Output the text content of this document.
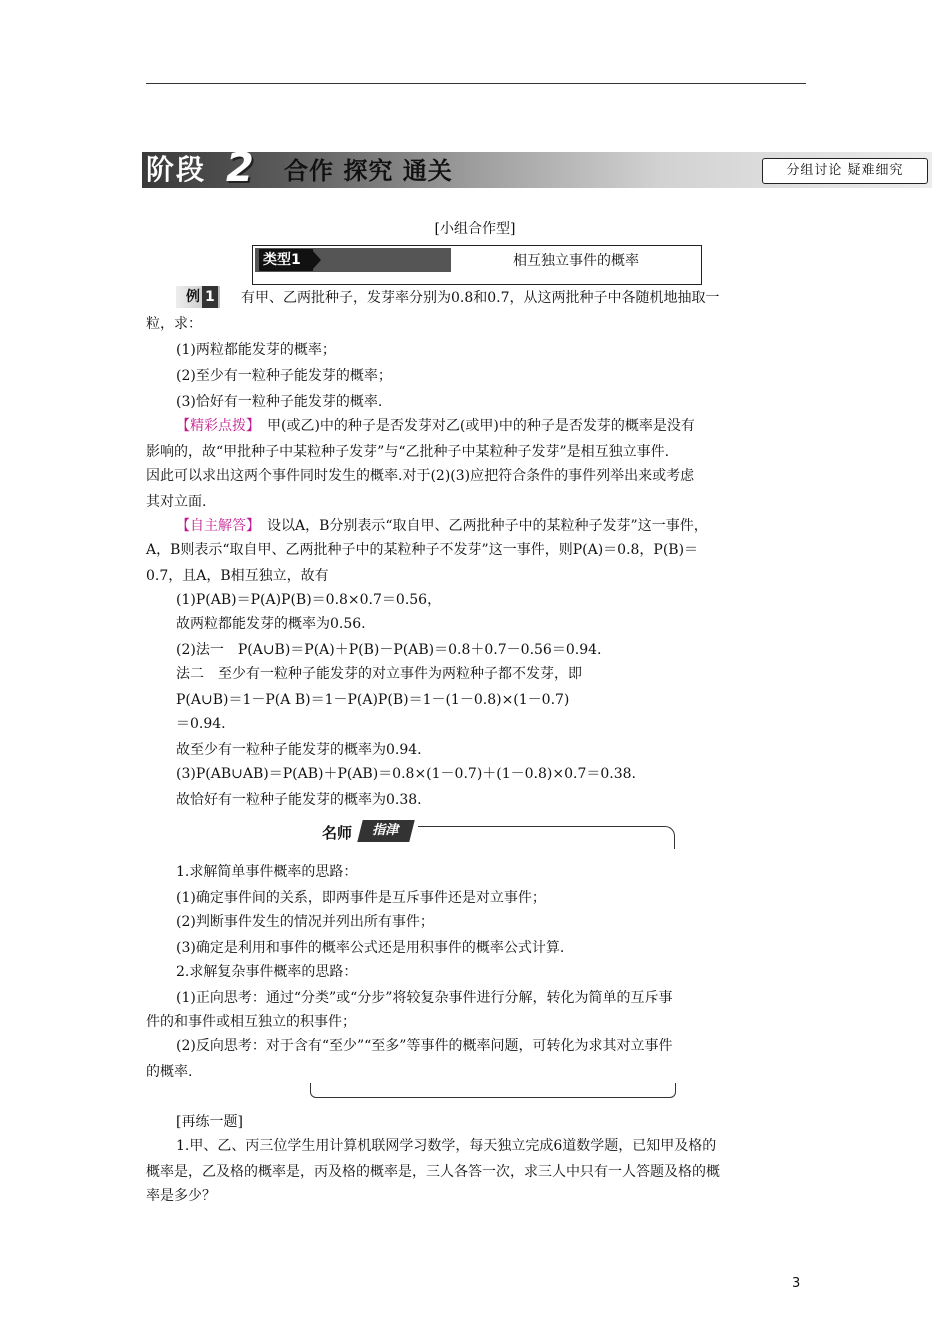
阶段 2	合作 探究 通关	分组讨论 疑难细究
[小组合作型]
类型1	相互独立事件的概率
例 1	有甲、乙两批种子，发芽率分别为0.8和0.7，从这两批种子中各随机地抽取一
粒，求：
(1)两粒都能发芽的概率；
(2)至少有一粒种子能发芽的概率；
(3)恰好有一粒种子能发芽的概率.
【精彩点拨】　 甲(或乙)中的种子是否发芽对乙(或甲)中的种子是否发芽的概率是没有
影响的，故“甲批种子中某粒种子发芽”与“乙批种子中某粒种子发芽”是相互独立事件.
因此可以求出这两个事件同时发生的概率.对于(2)(3)应把符合条件的事件列举出来或考虑
其对立面.
【自主解答】　 设以A，B分别表示“取自甲、乙两批种子中的某粒种子发芽”这一事件，
A，B则表示“取自甲、乙两批种子中的某粒种子不发芽”这一事件，则P(A)＝0.8，P(B)＝
0.7，且A，B相互独立，故有
(1)P(AB)＝P(A)P(B)＝0.8×0.7＝0.56，
故两粒都能发芽的概率为0.56.
(2)法一　P(A∪B)＝P(A)＋P(B)－P(AB)＝0.8＋0.7－0.56＝0.94.
法二　至少有一粒种子能发芽的对立事件为两粒种子都不发芽，即
P(A∪B)＝1－P(A B)＝1－P(A)P(B)＝1－(1－0.8)×(1－0.7)
＝0.94.
故至少有一粒种子能发芽的概率为0.94.
(3)P(AB∪AB)＝P(AB)＋P(AB)＝0.8×(1－0.7)＋(1－0.8)×0.7＝0.38.
故恰好有一粒种子能发芽的概率为0.38.
名师	指津
1.求解简单事件概率的思路：
(1)确定事件间的关系，即两事件是互斥事件还是对立事件；
(2)判断事件发生的情况并列出所有事件；
(3)确定是利用和事件的概率公式还是用积事件的概率公式计算.
2.求解复杂事件概率的思路：
(1)正向思考：通过“分类”或“分步”将较复杂事件进行分解，转化为简单的互斥事
件的和事件或相互独立的积事件；
(2)反向思考：对于含有“至少”“至多”等事件的概率问题，可转化为求其对立事件
的概率.
[再练一题]
1.甲、乙、丙三位学生用计算机联网学习数学，每天独立完成6道数学题，已知甲及格的
概率是，乙及格的概率是，丙及格的概率是，三人各答一次，求三人中只有一人答题及格的概
率是多少？
3
